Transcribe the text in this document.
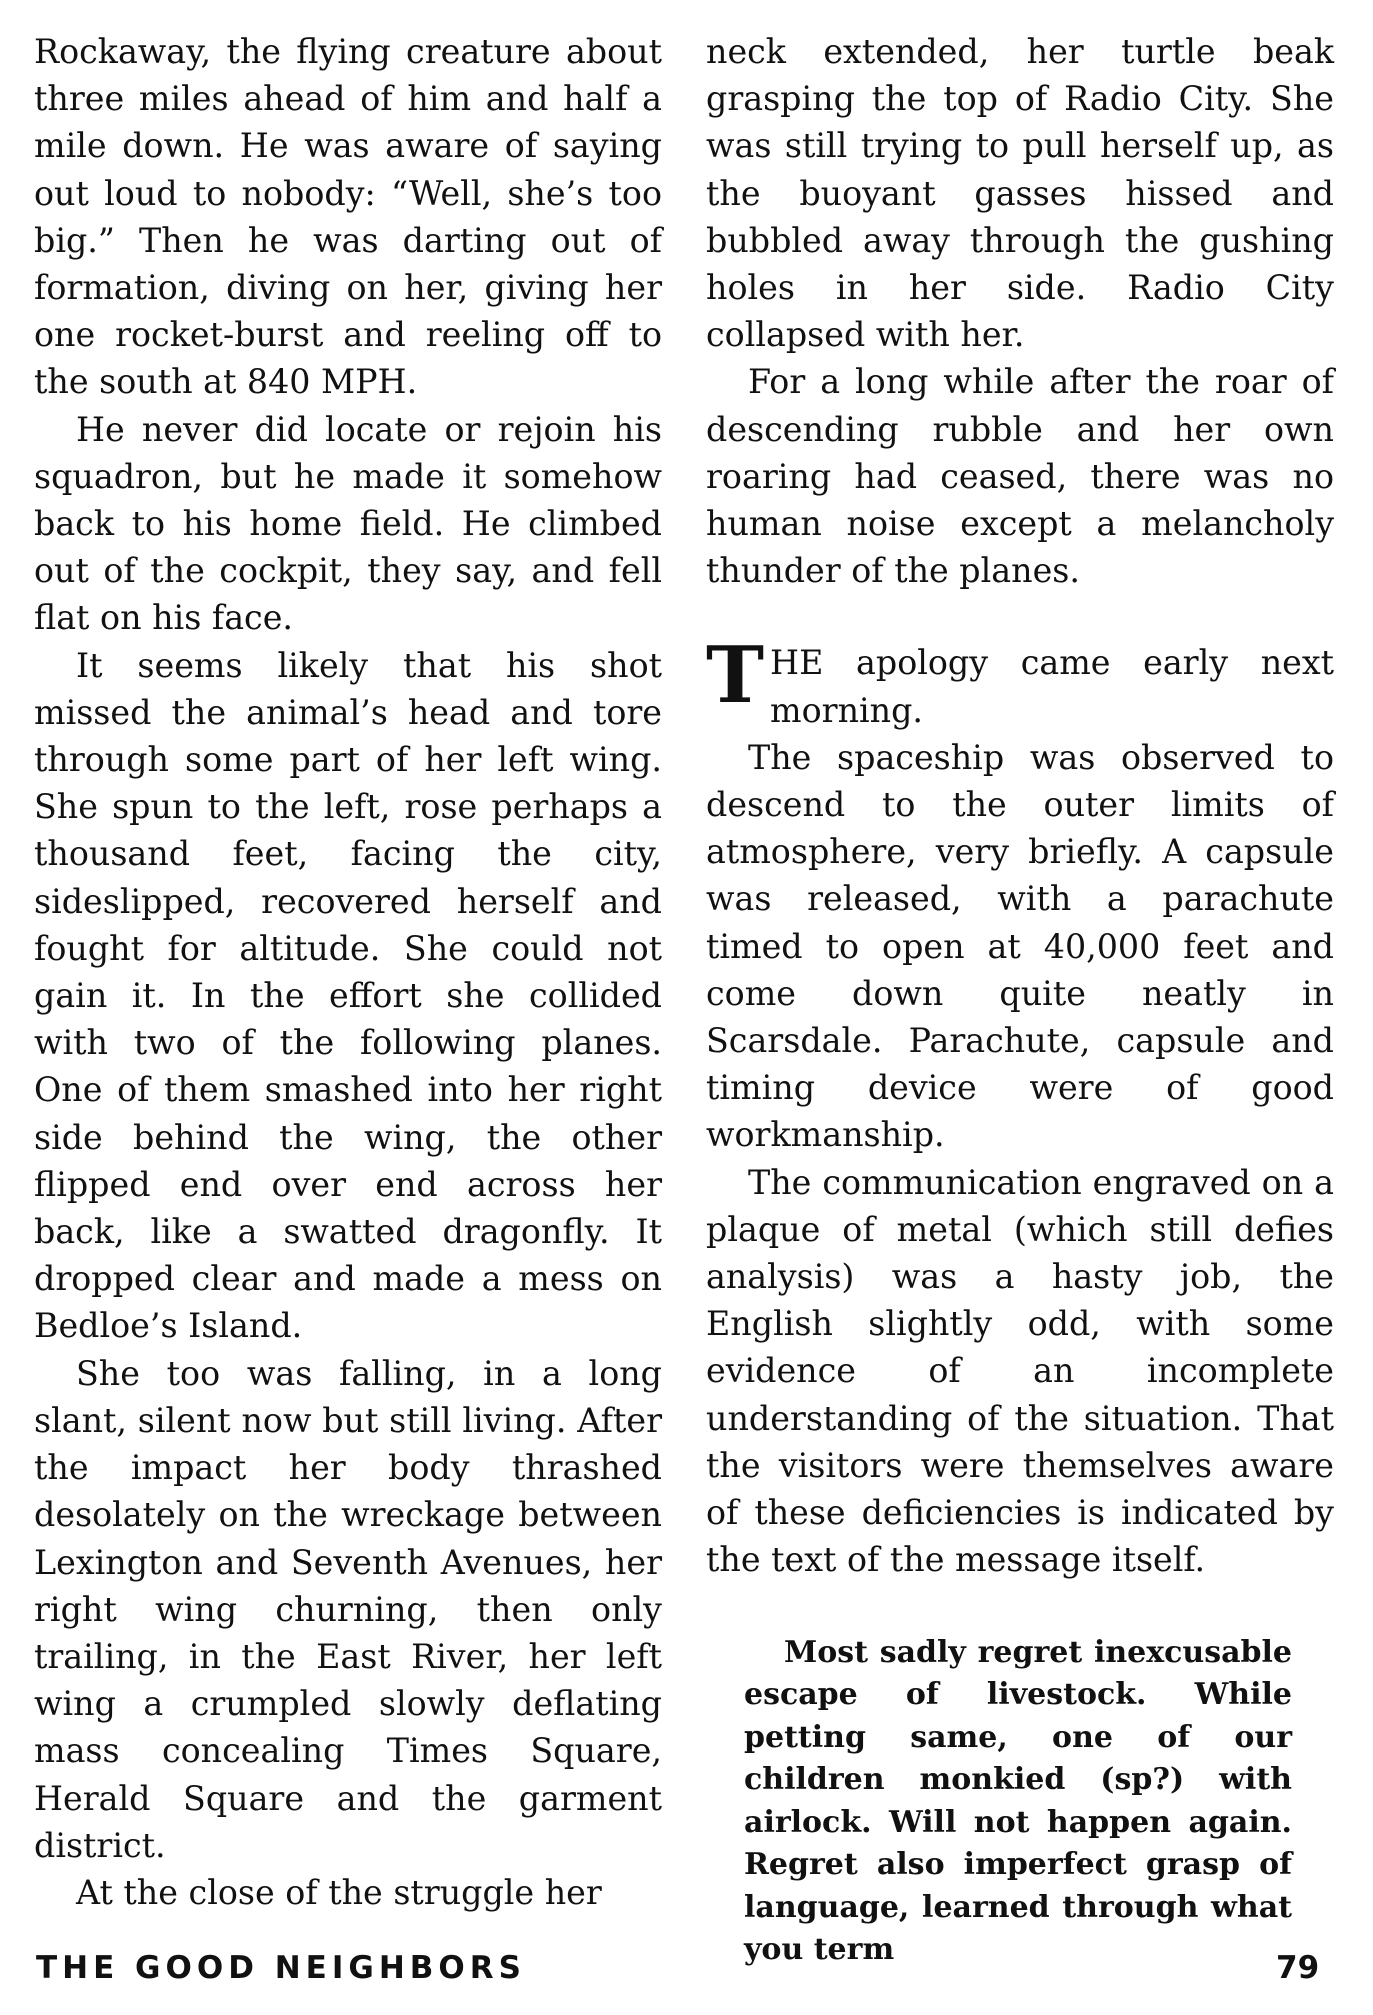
Rockaway, the flying creature about three miles ahead of him and half a mile down. He was aware of saying out loud to nobody: “Well, she’s too big.” Then he was darting out of formation, diving on her, giving her one rocket-burst and reeling off to the south at 840 MPH.

He never did locate or rejoin his squadron, but he made it somehow back to his home field. He climbed out of the cockpit, they say, and fell flat on his face.

It seems likely that his shot missed the animal’s head and tore through some part of her left wing. She spun to the left, rose perhaps a thousand feet, facing the city, sideslipped, recovered herself and fought for altitude. She could not gain it. In the effort she collided with two of the following planes. One of them smashed into her right side behind the wing, the other flipped end over end across her back, like a swatted dragonfly. It dropped clear and made a mess on Bedloe’s Island.

She too was falling, in a long slant, silent now but still living. After the impact her body thrashed desolately on the wreckage between Lexington and Seventh Avenues, her right wing churning, then only trailing, in the East River, her left wing a crumpled slowly deflating mass concealing Times Square, Herald Square and the garment district.

At the close of the struggle her

neck extended, her turtle beak grasping the top of Radio City. She was still trying to pull herself up, as the buoyant gasses hissed and bubbled away through the gushing holes in her side. Radio City collapsed with her.

For a long while after the roar of descending rubble and her own roaring had ceased, there was no human noise except a melancholy thunder of the planes.

THE apology came early next morning.

The spaceship was observed to descend to the outer limits of atmosphere, very briefly. A capsule was released, with a parachute timed to open at 40,000 feet and come down quite neatly in Scarsdale. Parachute, capsule and timing device were of good workmanship.

The communication engraved on a plaque of metal (which still defies analysis) was a hasty job, the English slightly odd, with some evidence of an incomplete understanding of the situation. That the visitors were themselves aware of these deficiencies is indicated by the text of the message itself.

Most sadly regret inexcusable escape of livestock. While petting same, one of our children monkied (sp?) with airlock. Will not happen again. Regret also imperfect grasp of language, learned through what you term

THE GOOD NEIGHBORS	79
